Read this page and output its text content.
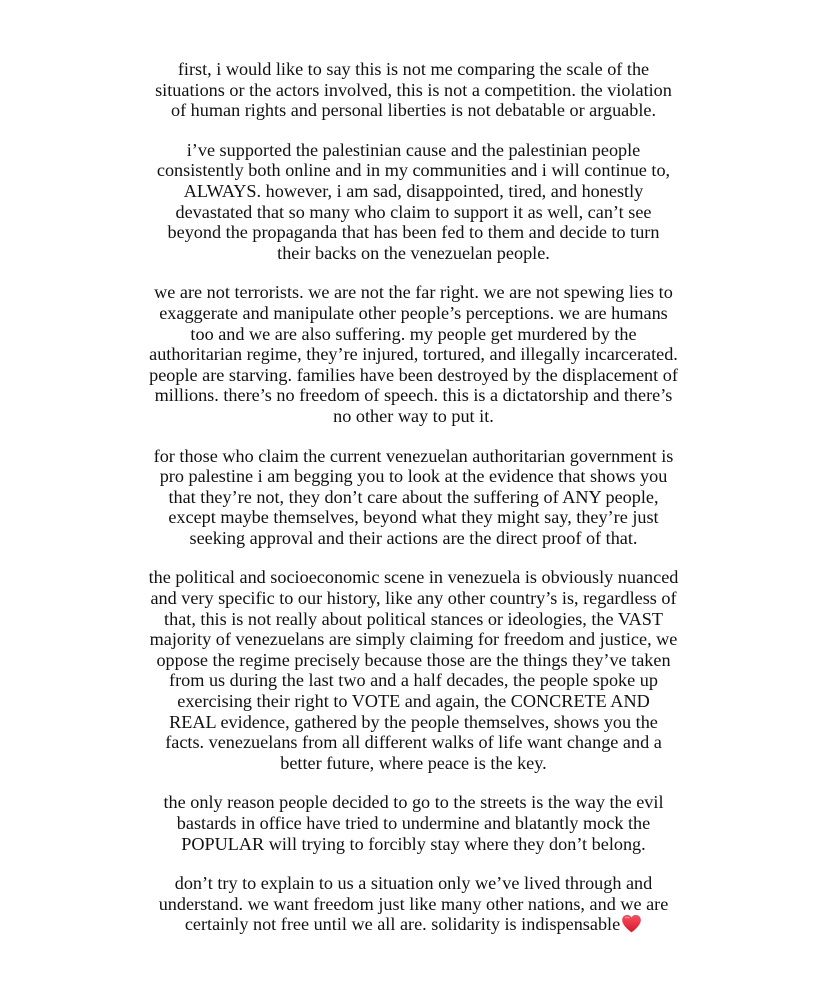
first, i would like to say this is not me comparing the scale of the
situations or the actors involved, this is not a competition. the violation
of human rights and personal liberties is not debatable or arguable.

i’ve supported the palestinian cause and the palestinian people
consistently both online and in my communities and i will continue to,
ALWAYS. however, i am sad, disappointed, tired, and honestly
devastated that so many who claim to support it as well, can’t see
beyond the propaganda that has been fed to them and decide to turn
their backs on the venezuelan people.

we are not terrorists. we are not the far right. we are not spewing lies to
exaggerate and manipulate other people’s perceptions. we are humans
too and we are also suffering. my people get murdered by the
authoritarian regime, they’re injured, tortured, and illegally incarcerated.
people are starving. families have been destroyed by the displacement of
millions. there’s no freedom of speech. this is a dictatorship and there’s
no other way to put it.

for those who claim the current venezuelan authoritarian government is
pro palestine i am begging you to look at the evidence that shows you
that they’re not, they don’t care about the suffering of ANY people,
except maybe themselves, beyond what they might say, they’re just
seeking approval and their actions are the direct proof of that.

the political and socioeconomic scene in venezuela is obviously nuanced
and very specific to our history, like any other country’s is, regardless of
that, this is not really about political stances or ideologies, the VAST
majority of venezuelans are simply claiming for freedom and justice, we
oppose the regime precisely because those are the things they’ve taken
from us during the last two and a half decades, the people spoke up
exercising their right to VOTE and again, the CONCRETE AND
REAL evidence, gathered by the people themselves, shows you the
facts. venezuelans from all different walks of life want change and a
better future, where peace is the key.

the only reason people decided to go to the streets is the way the evil
bastards in office have tried to undermine and blatantly mock the
POPULAR will trying to forcibly stay where they don’t belong.

don’t try to explain to us a situation only we’ve lived through and
understand. we want freedom just like many other nations, and we are
certainly not free until we all are. solidarity is indispensable
